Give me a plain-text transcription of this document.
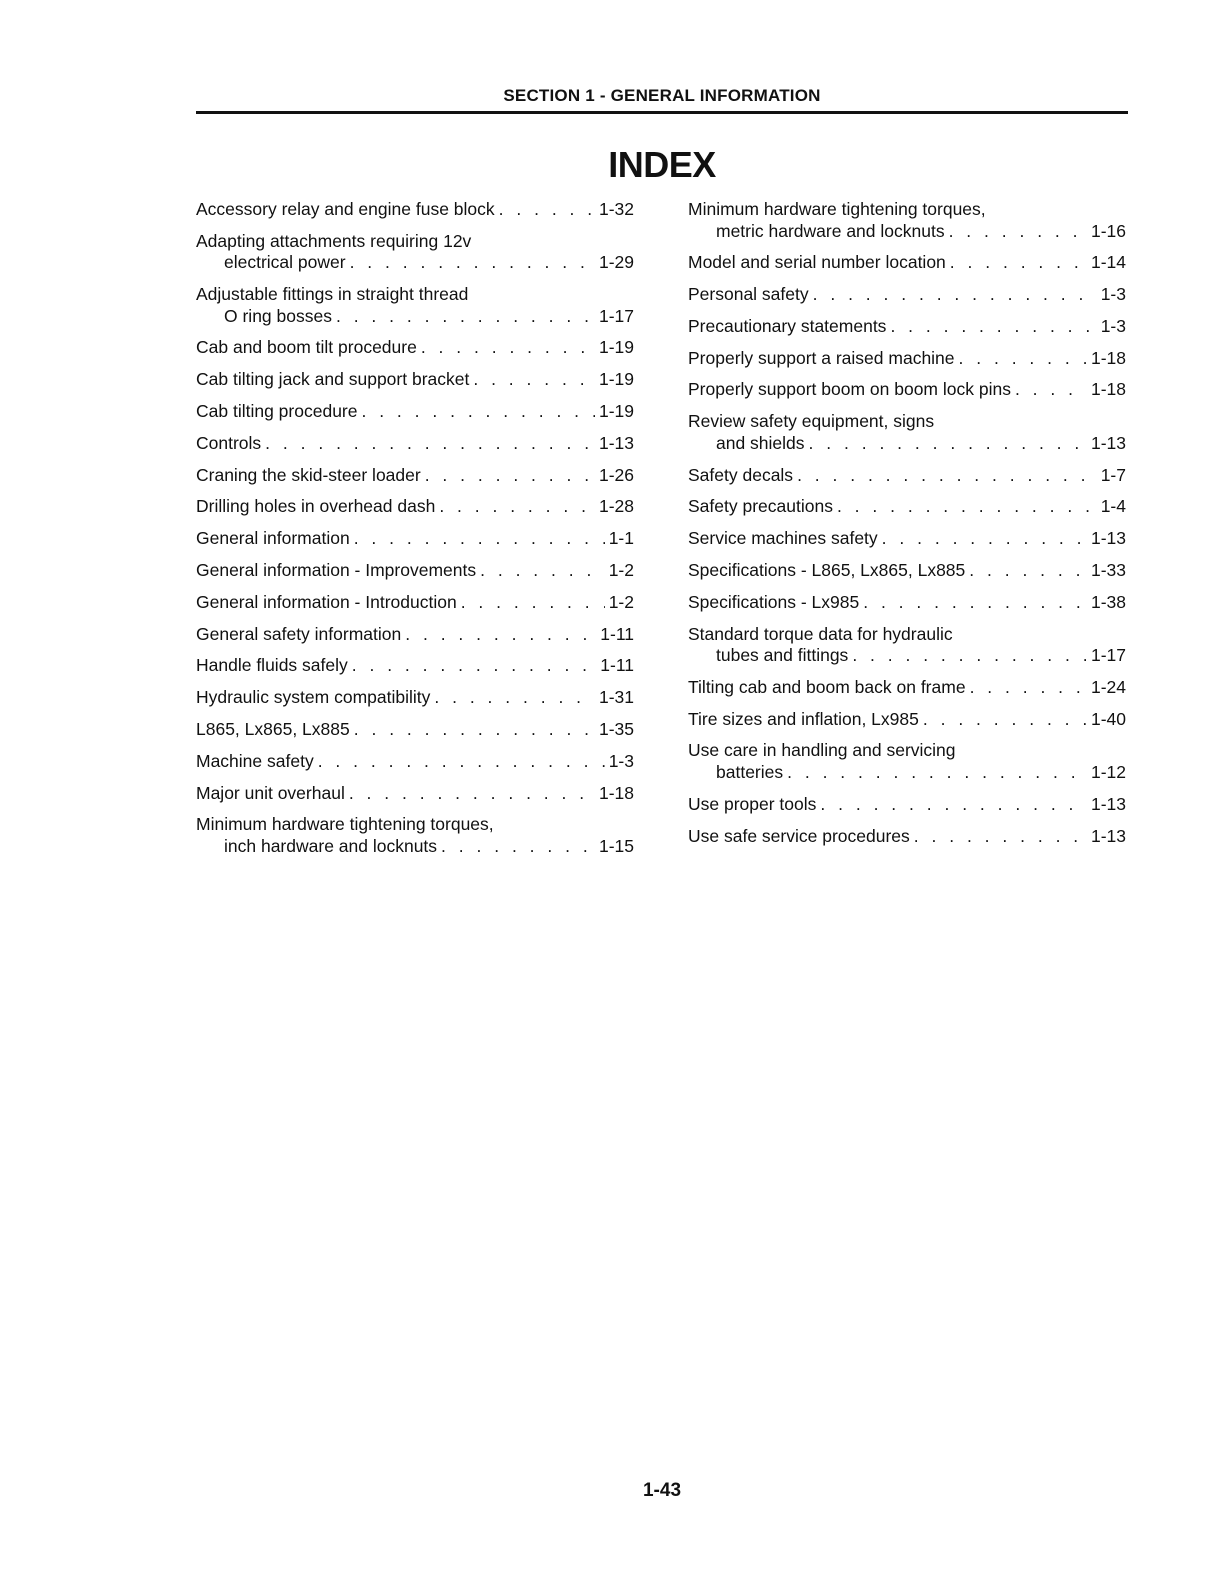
SECTION 1 - GENERAL INFORMATION
INDEX
Accessory relay and engine fuse block . . .	1-32
Adapting attachments requiring 12v
electrical power . . .	1-29
Adjustable fittings in straight thread
O ring bosses . . .	1-17
Cab and boom tilt procedure . . .	1-19
Cab tilting jack and support bracket . . .	1-19
Cab tilting procedure . . .	1-19
Controls . . .	1-13
Craning the skid-steer loader . . .	1-26
Drilling holes in overhead dash . . .	1-28
General information . . .	1-1
General information - Improvements . . .	1-2
General information - Introduction . . .	1-2
General safety information . . .	1-11
Handle fluids safely . . .	1-11
Hydraulic system compatibility . . .	1-31
L865, Lx865, Lx885 . . .	1-35
Machine safety . . .	1-3
Major unit overhaul . . .	1-18
Minimum hardware tightening torques,
inch hardware and locknuts . . .	1-15
Minimum hardware tightening torques,
metric hardware and locknuts . . .	1-16
Model and serial number location . . .	1-14
Personal safety . . .	1-3
Precautionary statements . . .	1-3
Properly support a raised machine . . .	1-18
Properly support boom on boom lock pins . . .	1-18
Review safety equipment, signs
and shields . . .	1-13
Safety decals . . .	1-7
Safety precautions . . .	1-4
Service machines safety . . .	1-13
Specifications - L865, Lx865, Lx885 . . .	1-33
Specifications - Lx985 . . .	1-38
Standard torque data for hydraulic
tubes and fittings . . .	1-17
Tilting cab and boom back on frame . . .	1-24
Tire sizes and inflation, Lx985 . . .	1-40
Use care in handling and servicing
batteries . . .	1-12
Use proper tools . . .	1-13
Use safe service procedures . . .	1-13
1-43
